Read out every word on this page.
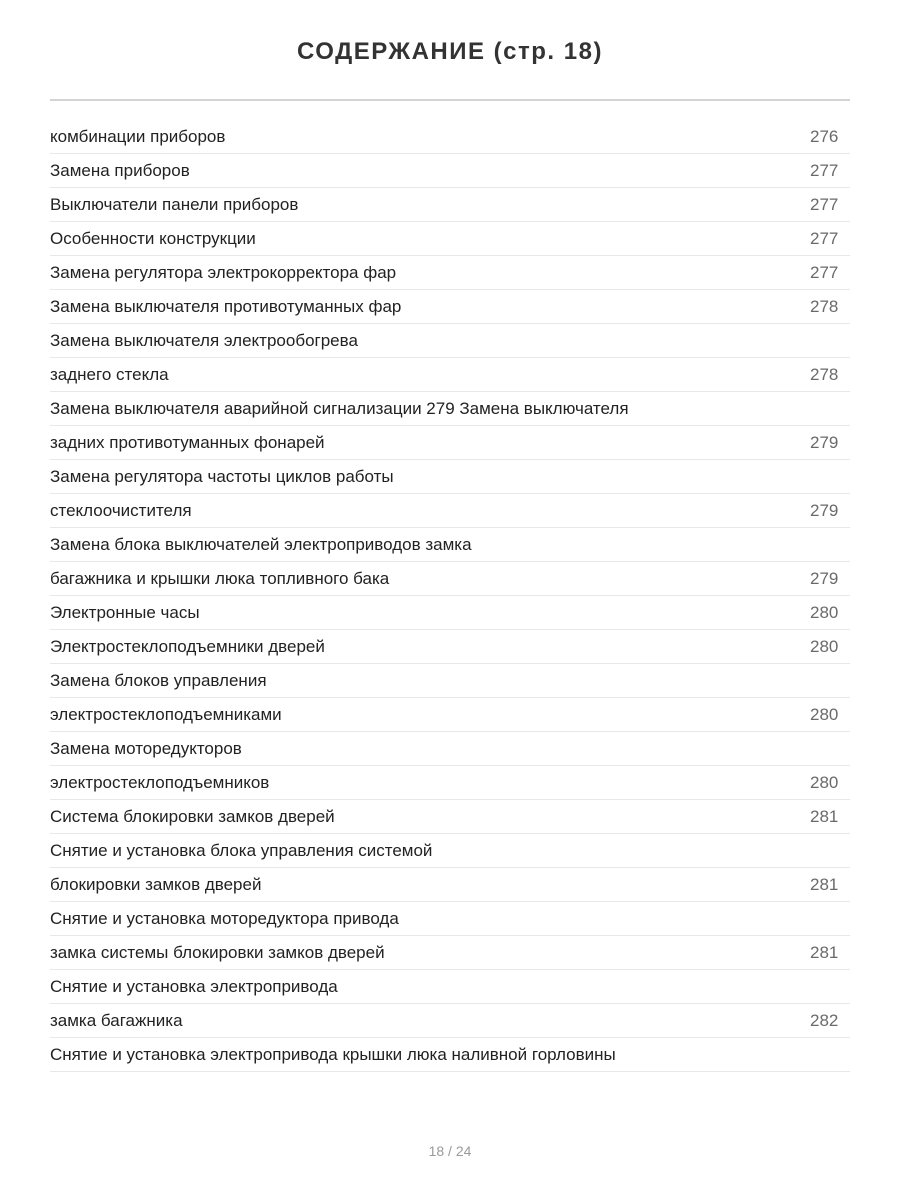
СОДЕРЖАНИЕ (стр. 18)
комбинации приборов	276
Замена приборов	277
Выключатели панели приборов	277
Особенности конструкции	277
Замена регулятора электрокорректора фар	277
Замена выключателя противотуманных фар	278
Замена выключателя электрообогрева
заднего стекла	278
Замена выключателя аварийной сигнализации 279 Замена выключателя
задних противотуманных фонарей	279
Замена регулятора частоты циклов работы
стеклоочистителя	279
Замена блока выключателей электроприводов замка
багажника и крышки люка топливного бака	279
Электронные часы	280
Электростеклоподъемники дверей	280
Замена блоков управления
электростеклоподъемниками	280
Замена моторедукторов
электростеклоподъемников	280
Система блокировки замков дверей	281
Снятие и установка блока управления системой
блокировки замков дверей	281
Снятие и установка моторедуктора привода
замка системы блокировки замков дверей	281
Снятие и установка электропривода
замка багажника	282
Снятие и установка электропривода крышки люка наливной горловины
18 / 24
